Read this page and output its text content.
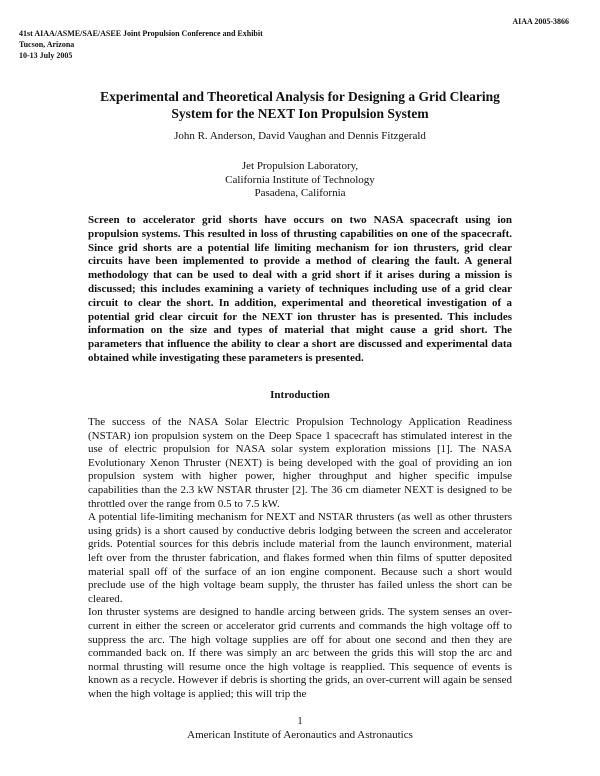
AIAA 2005-3866
41st AIAA/ASME/SAE/ASEE Joint Propulsion Conference and Exhibit
Tucson, Arizona
10-13 July 2005
Experimental and Theoretical Analysis for Designing a Grid Clearing
System for the NEXT Ion Propulsion System
John R. Anderson, David Vaughan and Dennis Fitzgerald
Jet Propulsion Laboratory,
California Institute of Technology
Pasadena, California
Screen to accelerator grid shorts have occurs on two NASA spacecraft using ion propulsion systems. This resulted in loss of thrusting capabilities on one of the spacecraft. Since grid shorts are a potential life limiting mechanism for ion thrusters, grid clear circuits have been implemented to provide a method of clearing the fault. A general methodology that can be used to deal with a grid short if it arises during a mission is discussed; this includes examining a variety of techniques including use of a grid clear circuit to clear the short. In addition, experimental and theoretical investigation of a potential grid clear circuit for the NEXT ion thruster has is presented. This includes information on the size and types of material that might cause a grid short. The parameters that influence the ability to clear a short are discussed and experimental data obtained while investigating these parameters is presented.
Introduction

The success of the NASA Solar Electric Propulsion Technology Application Readiness (NSTAR) ion propulsion system on the Deep Space 1 spacecraft has stimulated interest in the use of electric propulsion for NASA solar system exploration missions [1]. The NASA Evolutionary Xenon Thruster (NEXT) is being developed with the goal of providing an ion propulsion system with higher power, higher throughput and higher specific impulse capabilities than the 2.3 kW NSTAR thruster [2]. The 36 cm diameter NEXT is designed to be throttled over the range from 0.5 to 7.5 kW.

A potential life-limiting mechanism for NEXT and NSTAR thrusters (as well as other thrusters using grids) is a short caused by conductive debris lodging between the screen and accelerator grids. Potential sources for this debris include material from the launch environment, material left over from the thruster fabrication, and flakes formed when thin films of sputter deposited material spall off of the surface of an ion engine component. Because such a short would preclude use of the high voltage beam supply, the thruster has failed unless the short can be cleared.

Ion thruster systems are designed to handle arcing between grids. The system senses an over-current in either the screen or accelerator grid currents and commands the high voltage off to suppress the arc. The high voltage supplies are off for about one second and then they are commanded back on. If there was simply an arc between the grids this will stop the arc and normal thrusting will resume once the high voltage is reapplied. This sequence of events is known as a recycle. However if debris is shorting the grids, an over-current will again be sensed when the high voltage is applied; this will trip the

1
American Institute of Aeronautics and Astronautics
